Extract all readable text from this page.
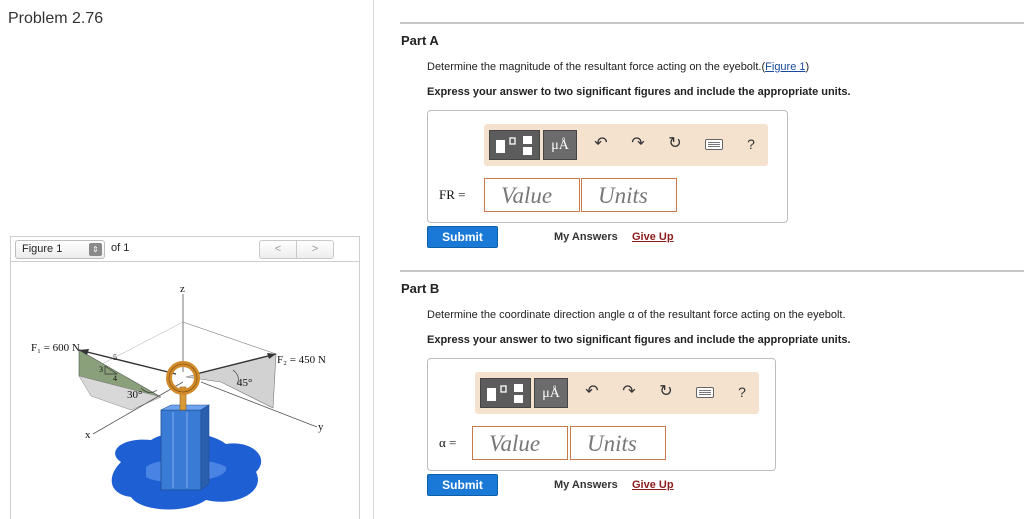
Problem 2.76
Figure 1	⇕ of 1	<	>
z
x
y
F₁ = 600 N
F₂ = 450 N
5
3
4
30°
45°
Part A
Determine the magnitude of the resultant force acting on the eyebolt.(Figure 1)
Express your answer to two significant figures and include the appropriate units.
μÅ	↶ ↷ ↻	?
FR =	Value	Units
Submit	My Answers Give Up
Part B
Determine the coordinate direction angle α of the resultant force acting on the eyebolt.
Express your answer to two significant figures and include the appropriate units.
μÅ	↶ ↷ ↻	?
α =	Value	Units
Submit	My Answers Give Up
